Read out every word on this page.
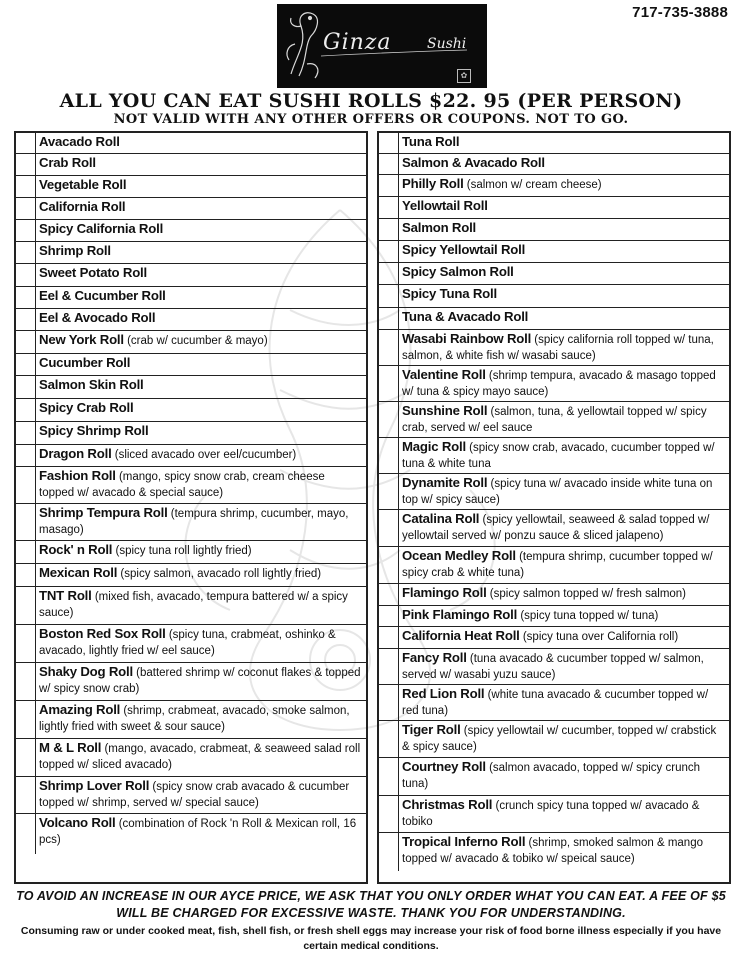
717-735-3888
Ginza	Sushi
✿
ALL YOU CAN EAT SUSHI ROLLS $22. 95 (PER PERSON)
NOT VALID WITH ANY OTHER OFFERS OR COUPONS. NOT TO GO.
Avacado Roll
Crab Roll
Vegetable Roll
California Roll
Spicy California Roll
Shrimp Roll
Sweet Potato Roll
Eel & Cucumber Roll
Eel & Avocado Roll
New York Roll (crab w/ cucumber & mayo)
Cucumber Roll
Salmon Skin Roll
Spicy Crab Roll
Spicy Shrimp Roll
Dragon Roll (sliced avacado over eel/cucumber)
Fashion Roll (mango, spicy snow crab, cream cheese topped w/ avacado & special sauce)
Shrimp Tempura Roll (tempura shrimp, cucumber, mayo, masago)
Rock' n Roll (spicy tuna roll lightly fried)
Mexican Roll (spicy salmon, avacado roll lightly fried)
TNT Roll (mixed fish, avacado, tempura battered w/ a spicy sauce)
Boston Red Sox Roll (spicy tuna, crabmeat, oshinko & avacado, lightly fried w/ eel sauce)
Shaky Dog Roll (battered shrimp w/ coconut flakes & topped w/ spicy snow crab)
Amazing Roll (shrimp, crabmeat, avacado, smoke salmon, lightly fried with sweet & sour sauce)
M & L Roll (mango, avacado, crabmeat, & seaweed salad roll topped w/ sliced avacado)
Shrimp Lover Roll (spicy snow crab avacado & cucumber topped w/ shrimp, served w/ special sauce)
Volcano Roll (combination of Rock 'n Roll & Mexican roll, 16 pcs)
Tuna Roll
Salmon & Avacado Roll
Philly Roll (salmon w/ cream cheese)
Yellowtail Roll
Salmon Roll
Spicy Yellowtail Roll
Spicy Salmon Roll
Spicy Tuna Roll
Tuna & Avacado Roll
Wasabi Rainbow Roll (spicy california roll topped w/ tuna, salmon, & white fish w/ wasabi sauce)
Valentine Roll (shrimp tempura, avacado & masago topped w/ tuna & spicy mayo sauce)
Sunshine Roll (salmon, tuna, & yellowtail topped w/ spicy crab, served w/ eel sauce
Magic Roll (spicy snow crab, avacado, cucumber topped w/ tuna & white tuna
Dynamite Roll (spicy tuna w/ avacado inside white tuna on top w/ spicy sauce)
Catalina Roll (spicy yellowtail, seaweed & salad topped w/ yellowtail served w/ ponzu sauce & sliced jalapeno)
Ocean Medley Roll (tempura shrimp, cucumber topped w/ spicy crab & white tuna)
Flamingo Roll (spicy salmon topped w/ fresh salmon)
Pink Flamingo Roll (spicy tuna topped w/ tuna)
California Heat Roll (spicy tuna over California roll)
Fancy Roll (tuna avacado & cucumber topped w/ salmon, served w/ wasabi yuzu sauce)
Red Lion Roll (white tuna avacado & cucumber topped w/ red tuna)
Tiger Roll (spicy yellowtail w/ cucumber, topped w/ crabstick & spicy sauce)
Courtney Roll (salmon avacado, topped w/ spicy crunch tuna)
Christmas Roll (crunch spicy tuna topped w/ avacado & tobiko
Tropical Inferno Roll (shrimp, smoked salmon & mango topped w/ avacado & tobiko w/ speical sauce)
TO AVOID AN INCREASE IN OUR AYCE PRICE, WE ASK THAT YOU ONLY ORDER WHAT YOU CAN EAT. A FEE OF $5 WILL BE CHARGED FOR EXCESSIVE WASTE. THANK YOU FOR UNDERSTANDING.
Consuming raw or under cooked meat, fish, shell fish, or fresh shell eggs may increase your risk of food borne illness especially if you have certain medical conditions.
